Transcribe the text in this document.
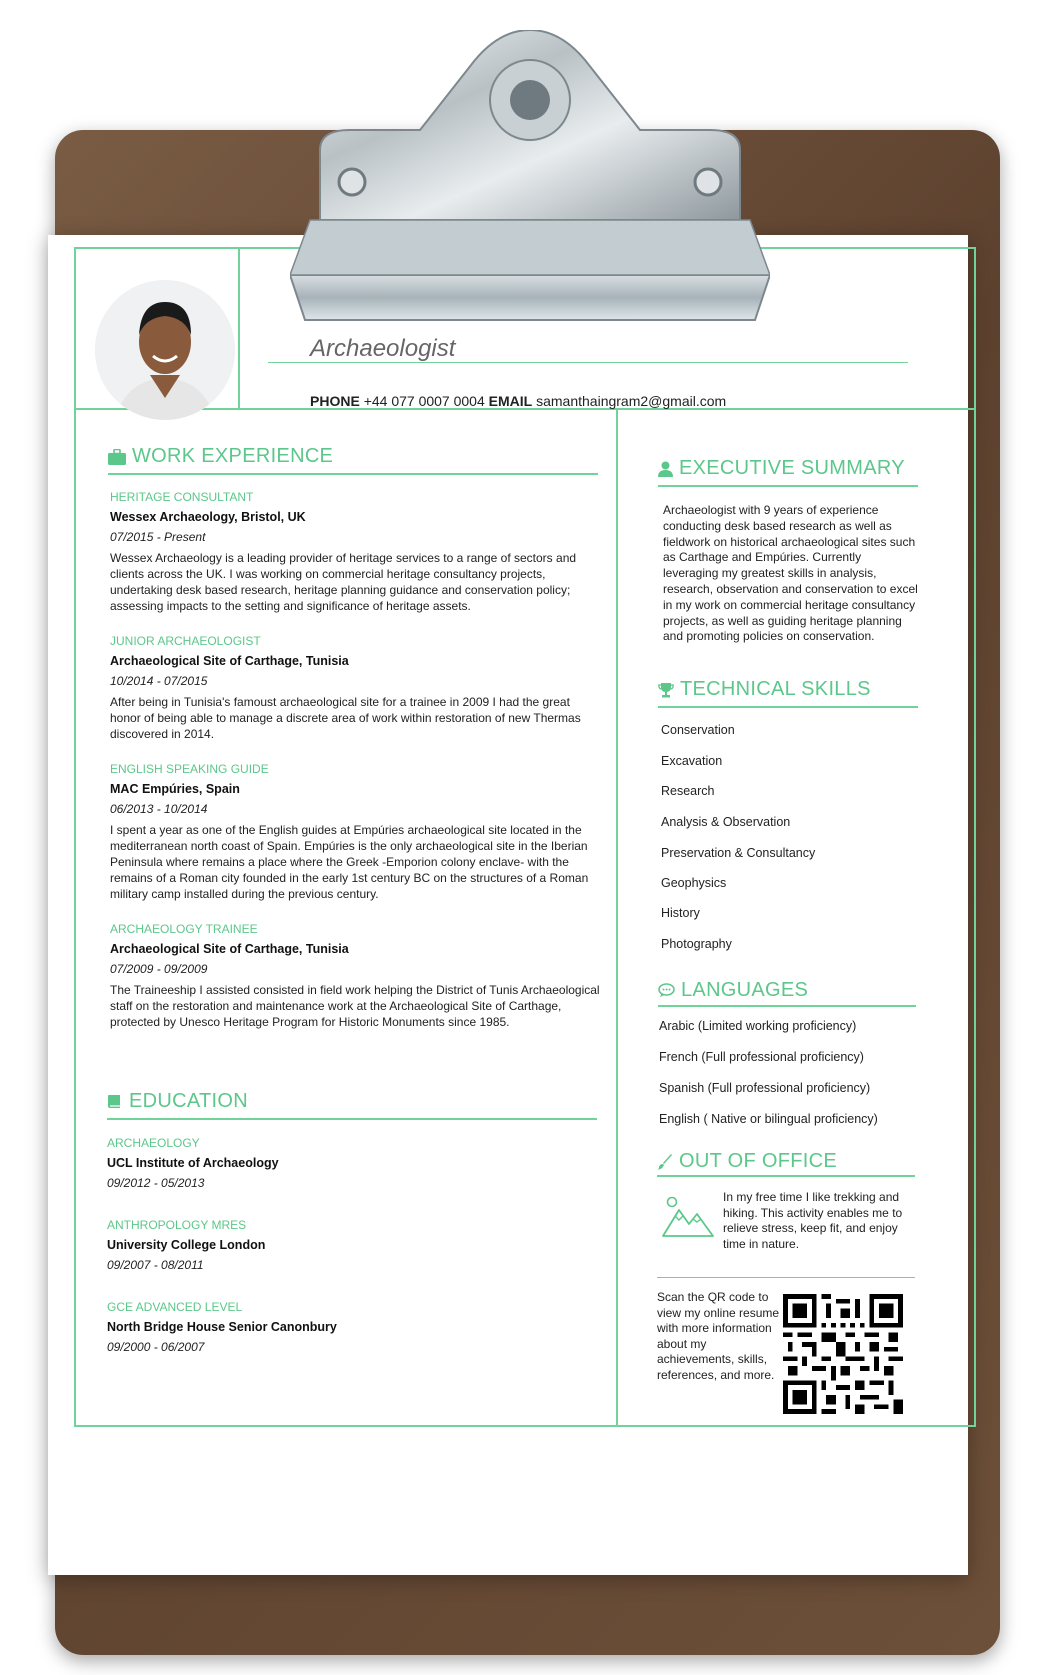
Archaeologist
PHONE +44 077 0007 0004 EMAIL samanthaingram2@gmail.com
WORK EXPERIENCE
HERITAGE CONSULTANT
Wessex Archaeology, Bristol, UK
07/2015 - Present
Wessex Archaeology is a leading provider of heritage services to a range of sectors and clients across the UK. I was working on commercial heritage consultancy projects, undertaking desk based research, heritage planning guidance and conservation policy; assessing impacts to the setting and significance of heritage assets.
JUNIOR ARCHAEOLOGIST
Archaeological Site of Carthage, Tunisia
10/2014 - 07/2015
After being in Tunisia's famoust archaeological site for a trainee in 2009 I had the great honor of being able to manage a discrete area of work within restoration of new Thermas discovered in 2014.
ENGLISH SPEAKING GUIDE
MAC Empúries, Spain
06/2013 - 10/2014
I spent a year as one of the English guides at Empúries archaeological site located in the mediterranean north coast of Spain. Empúries is the only archaeological site in the Iberian Peninsula where remains a place where the Greek -Emporion colony enclave- with the remains of a Roman city founded in the early 1st century BC on the structures of a Roman military camp installed during the previous century.
ARCHAEOLOGY TRAINEE
Archaeological Site of Carthage, Tunisia
07/2009 - 09/2009
The Traineeship I assisted consisted in field work helping the District of Tunis Archaeological staff on the restoration and maintenance work at the Archaeological Site of Carthage, protected by Unesco Heritage Program for Historic Monuments since 1985.
EDUCATION
ARCHAEOLOGY
UCL Institute of Archaeology
09/2012 - 05/2013
ANTHROPOLOGY MRES
University College London
09/2007 - 08/2011
GCE ADVANCED LEVEL
North Bridge House Senior Canonbury
09/2000 - 06/2007
EXECUTIVE SUMMARY
Archaeologist with 9 years of experience conducting desk based research as well as fieldwork on historical archaeological sites such as Carthage and Empúries. Currently leveraging my greatest skills in analysis, research, observation and conservation to excel in my work on commercial heritage consultancy projects, as well as guiding heritage planning and promoting policies on conservation.
TECHNICAL SKILLS
Conservation
Excavation
Research
Analysis & Observation
Preservation & Consultancy
Geophysics
History
Photography
LANGUAGES
Arabic (Limited working proficiency)
French (Full professional proficiency)
Spanish (Full professional proficiency)
English ( Native or bilingual proficiency)
OUT OF OFFICE
In my free time I like trekking and hiking. This activity enables me to relieve stress, keep fit, and enjoy time in nature.
Scan the QR code to view my online resume with more information about my achievements, skills, references, and more.
